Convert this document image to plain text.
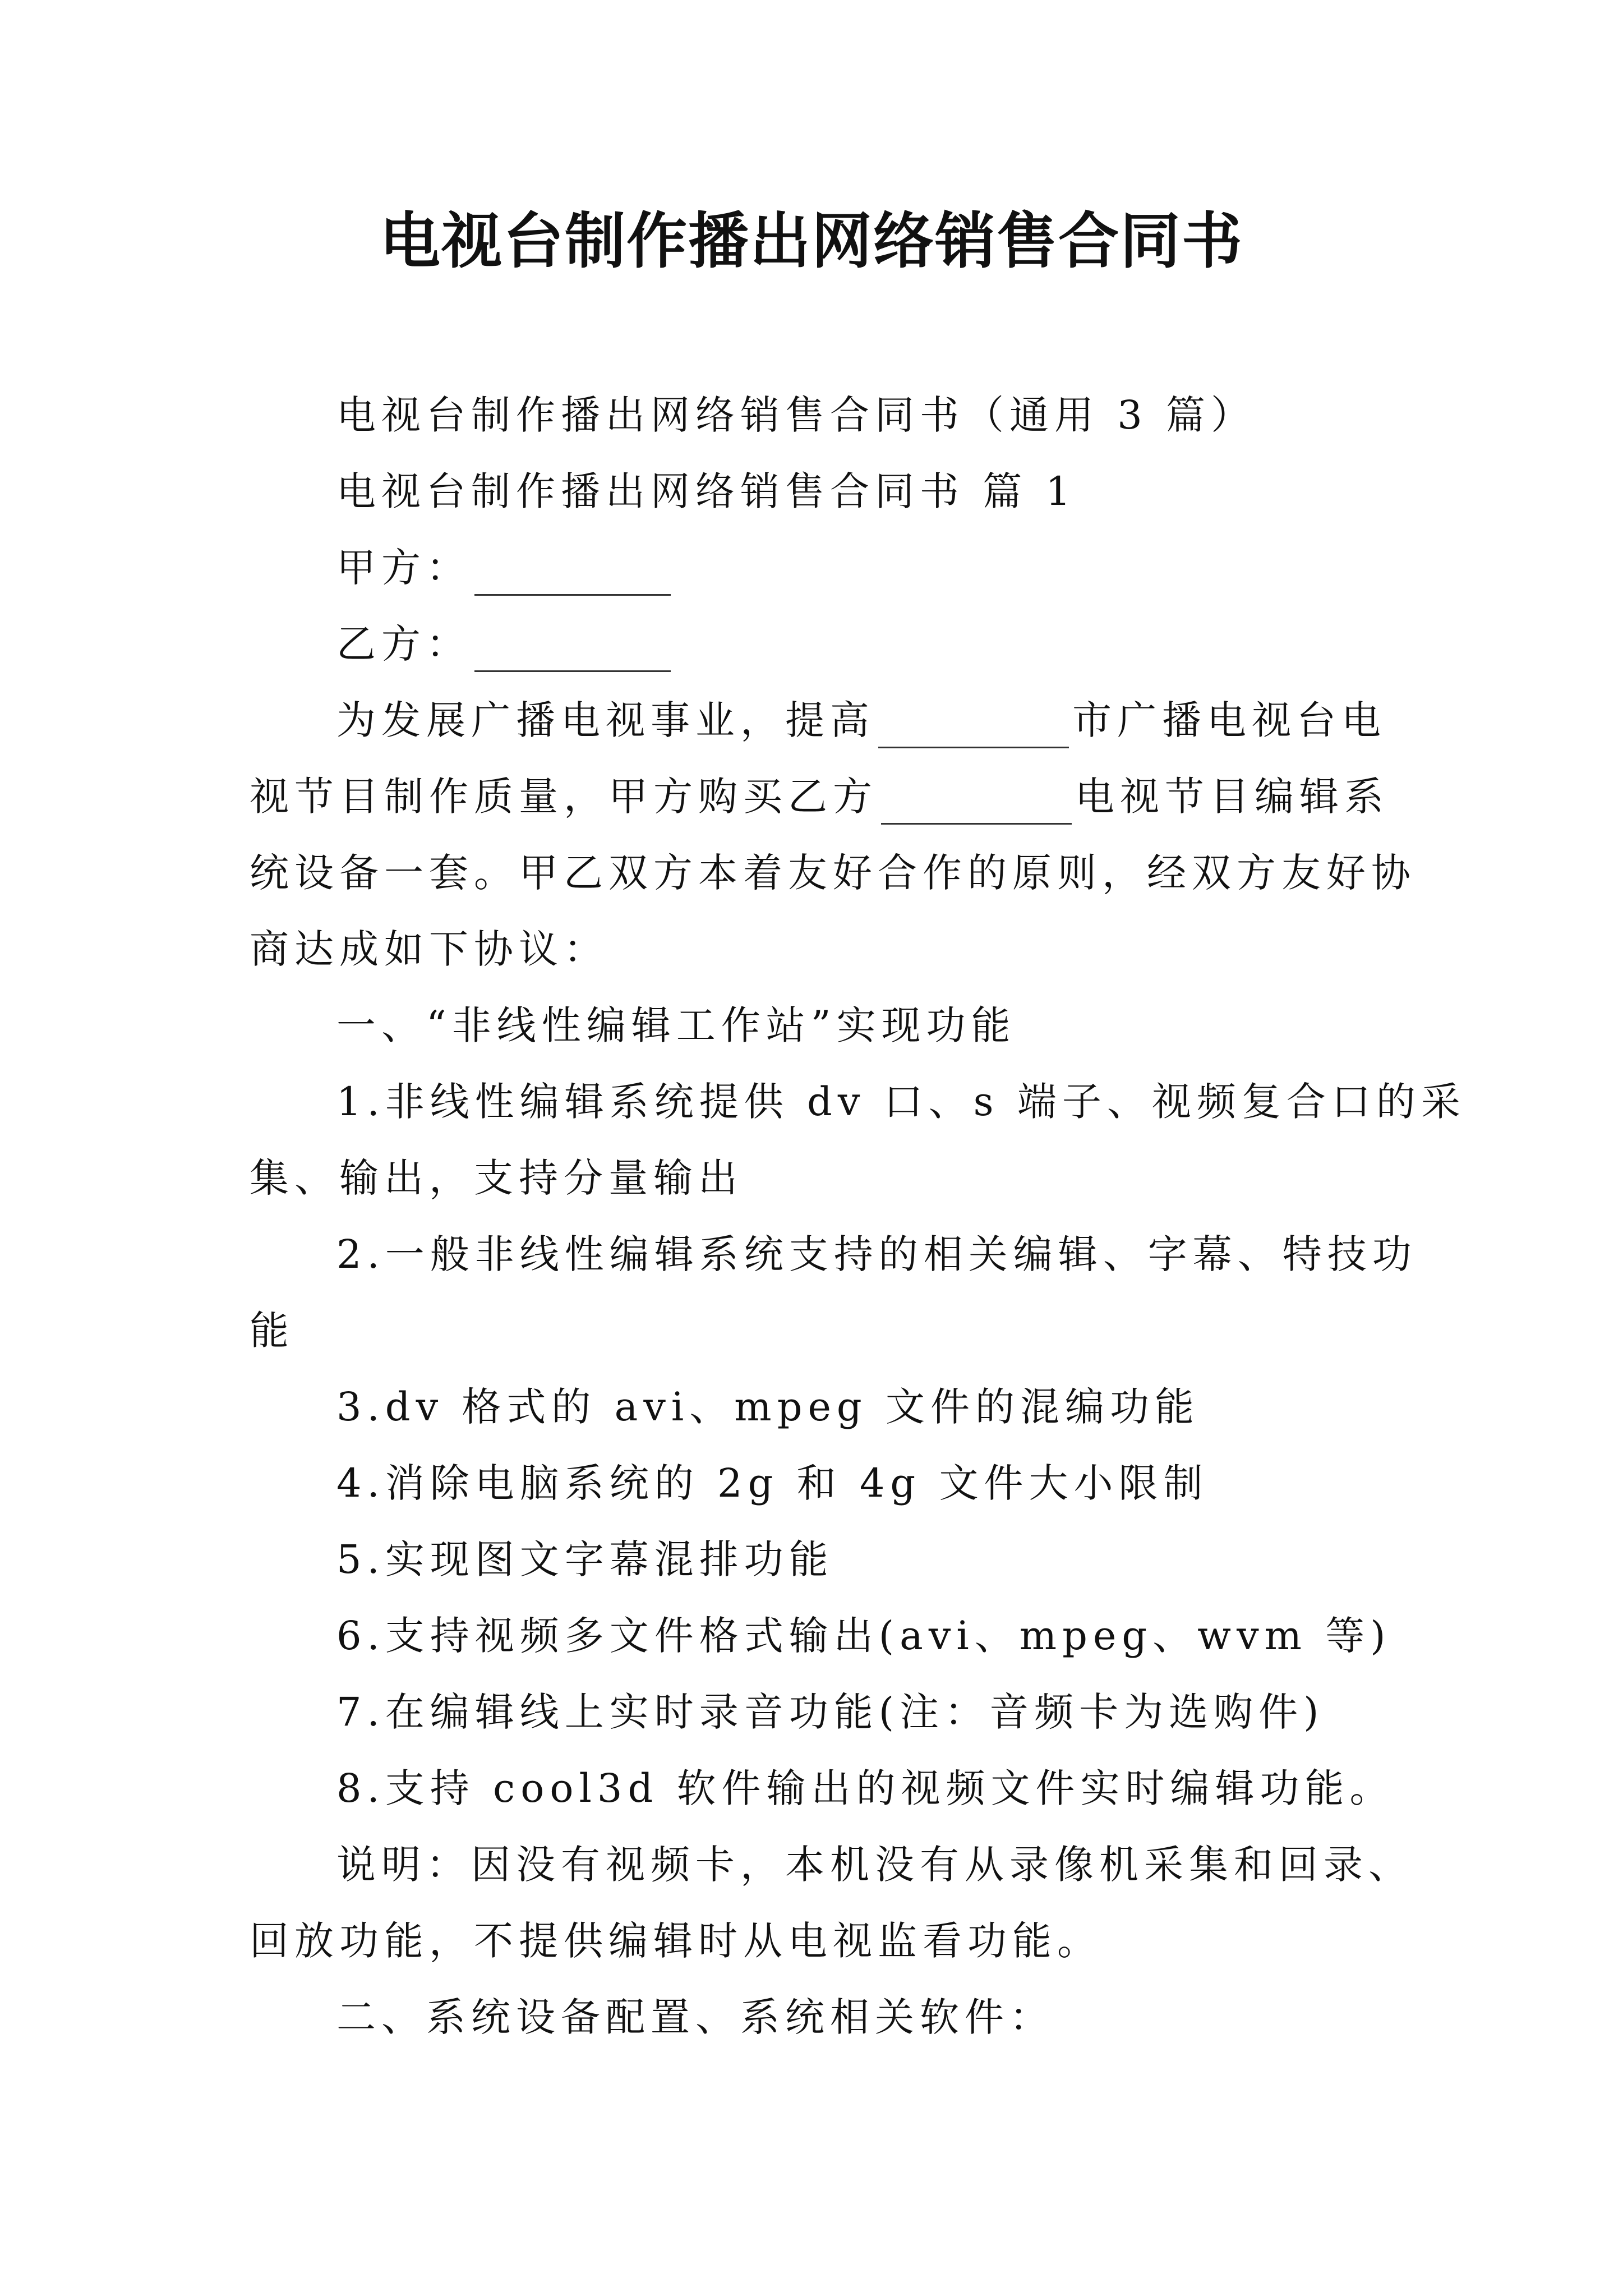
电视台制作播出网络销售合同书
电视台制作播出网络销售合同书（通用 3 篇）
电视台制作播出网络销售合同书 篇 1
甲方：
乙方：
为发展广播电视事业，提高	市广播电视台电
视节目制作质量，甲方购买乙方	电视节目编辑系
统设备一套。甲乙双方本着友好合作的原则，经双方友好协
商达成如下协议：
一、“非线性编辑工作站”实现功能
1.非线性编辑系统提供 dv 口、s 端子、视频复合口的采
集、输出，支持分量输出
2.一般非线性编辑系统支持的相关编辑、字幕、特技功
能
3.dv 格式的 avi、mpeg 文件的混编功能
4.消除电脑系统的 2g 和 4g 文件大小限制
5.实现图文字幕混排功能
6.支持视频多文件格式输出(avi、mpeg、wvm 等)
7.在编辑线上实时录音功能(注：音频卡为选购件)
8.支持 cool3d 软件输出的视频文件实时编辑功能。
说明：因没有视频卡，本机没有从录像机采集和回录、
回放功能，不提供编辑时从电视监看功能。
二、系统设备配置、系统相关软件：
